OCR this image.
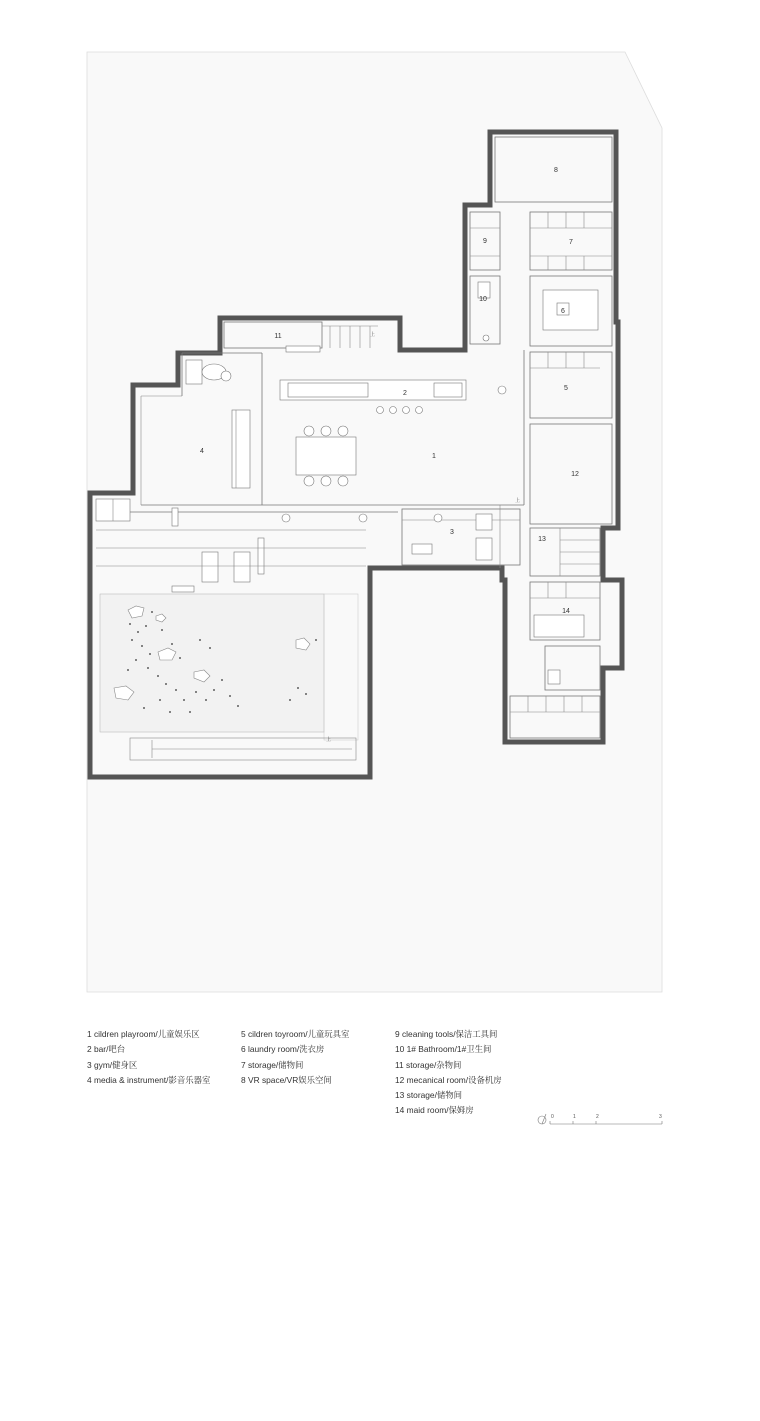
1
2
3
4
5
6
7
8
9
10
11
12
13
14
0	1	2	3
上
上
上
1 cildren playroom/儿童娱乐区
2 bar/吧台
3 gym/健身区
4 media & instrument/影音乐器室
5 cildren toyroom/儿童玩具室
6 laundry room/洗衣房
7 storage/储物间
8 VR space/VR娱乐空间
9 cleaning tools/保洁工具间
10 1# Bathroom/1#卫生间
11 storage/杂物间
12 mecanical room/设备机房
13 storage/储物间
14 maid room/保姆房
